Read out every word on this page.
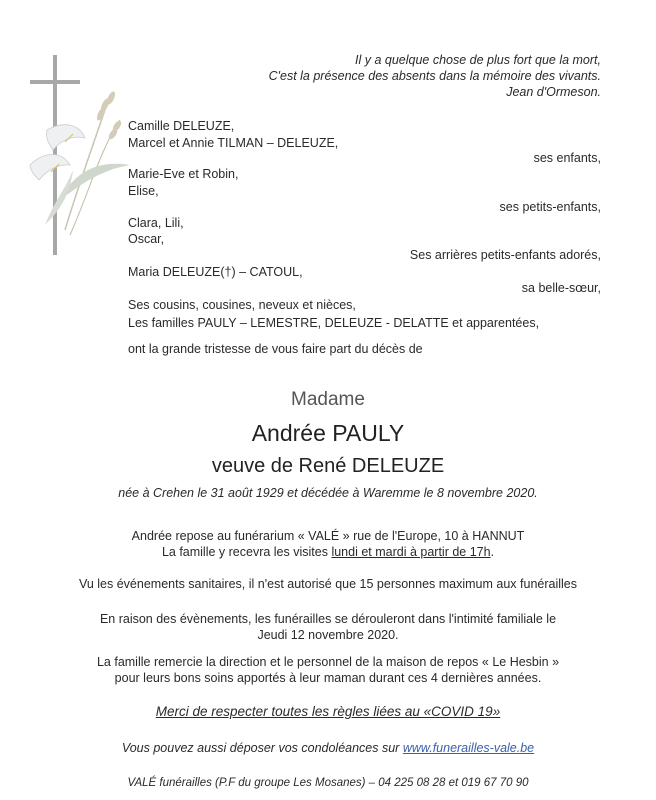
Il y a quelque chose de plus fort que la mort,
C'est la présence des absents dans la mémoire des vivants.
Jean d'Ormeson.
Camille DELEUZE,
Marcel et Annie TILMAN – DELEUZE,
ses enfants,
Marie-Eve et Robin,
Elise,
ses petits-enfants,
Clara, Lili,
Oscar,
Ses arrières petits-enfants adorés,
Maria DELEUZE(†) – CATOUL,
sa belle-sœur,
Ses cousins, cousines, neveux et nièces,
Les familles PAULY – LEMESTRE, DELEUZE - DELATTE et apparentées,
ont la grande tristesse de vous faire part du décès de
Madame
Andrée PAULY
veuve de René DELEUZE
née à Crehen le 31 août 1929 et décédée à Waremme le 8 novembre 2020.
Andrée repose au funérarium « VALÉ » rue de l'Europe, 10 à HANNUT
La famille y recevra les visites lundi et mardi à partir de 17h.
Vu les événements sanitaires, il n'est autorisé que 15 personnes maximum aux funérailles
En raison des évènements, les funérailles se dérouleront dans l'intimité familiale le
Jeudi 12 novembre 2020.
La famille remercie la direction et le personnel de la maison de repos « Le Hesbin »
pour leurs bons soins apportés à leur maman durant ces 4 dernières années.
Merci de respecter toutes les règles liées au «COVID 19»
Vous pouvez aussi déposer vos condoléances sur www.funerailles-vale.be
VALÉ funérailles (P.F du groupe Les Mosanes) – 04 225 08 28 et 019 67 70 90
